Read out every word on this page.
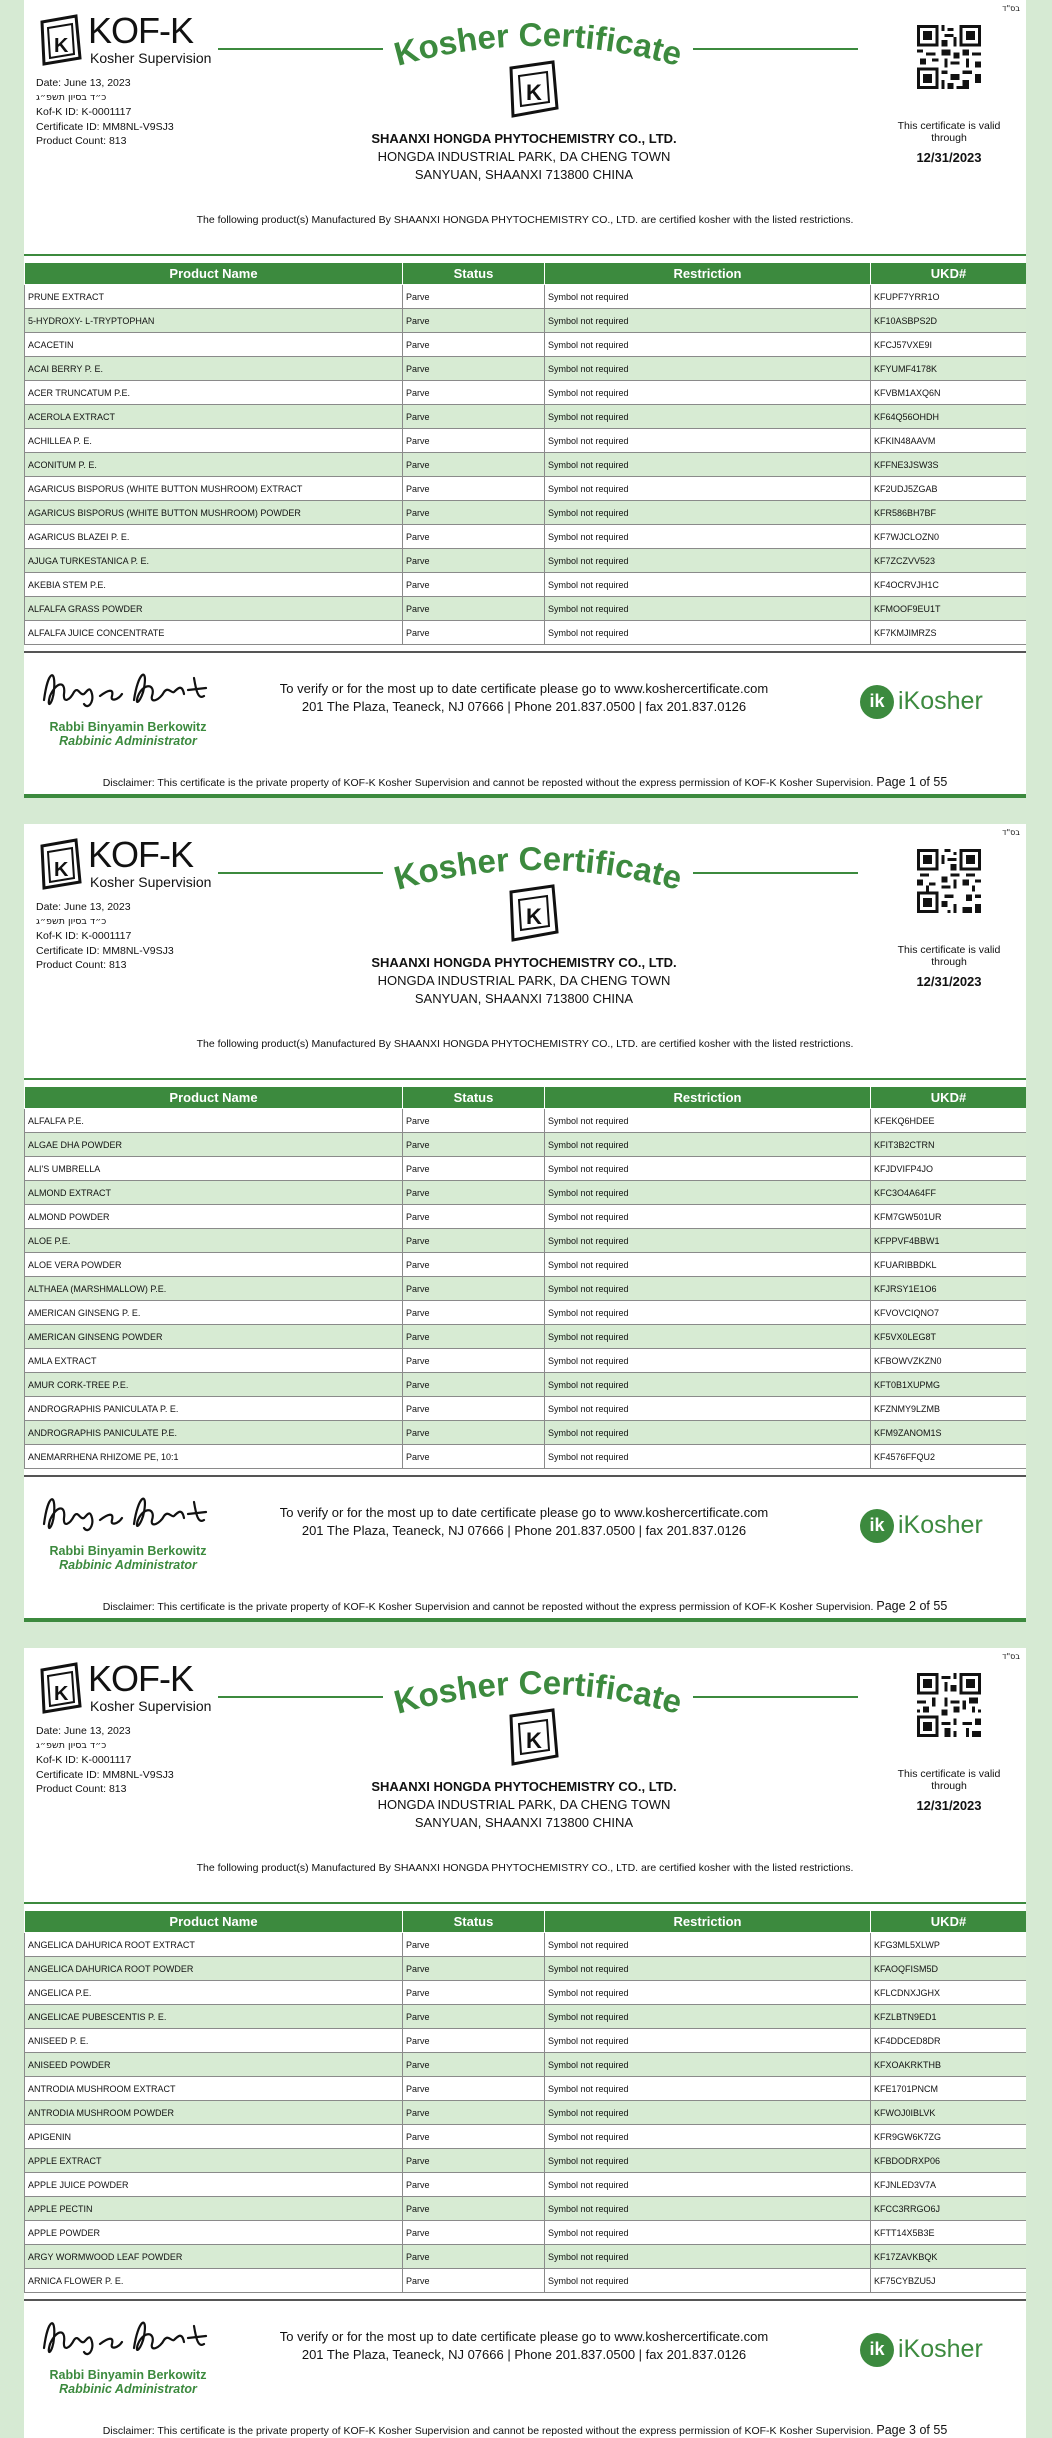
בס"ד
K KOF-K
Kosher Supervision
Date: June 13, 2023
כ״ד בסיון תשפ״ג
Kof-K ID: K-0001117
Certificate ID: MM8NL-V9SJ3
Product Count: 813
Kosher Certificate
K
SHAANXI HONGDA PHYTOCHEMISTRY CO., LTD.
HONGDA INDUSTRIAL PARK, DA CHENG TOWN
SANYUAN, SHAANXI 713800 CHINA
This certificate is valid through
12/31/2023
The following product(s) Manufactured By SHAANXI HONGDA PHYTOCHEMISTRY CO., LTD. are certified kosher with the listed restrictions.
Product Name	Status	Restriction	UKD#
PRUNE EXTRACT	Parve	Symbol not required	KFUPF7YRR1O
5-HYDROXY- L-TRYPTOPHAN	Parve	Symbol not required	KF10ASBPS2D
ACACETIN	Parve	Symbol not required	KFCJ57VXE9I
ACAI BERRY P. E.	Parve	Symbol not required	KFYUMF4178K
ACER TRUNCATUM P.E.	Parve	Symbol not required	KFVBM1AXQ6N
ACEROLA EXTRACT	Parve	Symbol not required	KF64Q56OHDH
ACHILLEA P. E.	Parve	Symbol not required	KFKIN48AAVM
ACONITUM P. E.	Parve	Symbol not required	KFFNE3JSW3S
AGARICUS BISPORUS (WHITE BUTTON MUSHROOM) EXTRACT	Parve	Symbol not required	KF2UDJ5ZGAB
AGARICUS BISPORUS (WHITE BUTTON MUSHROOM) POWDER	Parve	Symbol not required	KFR586BH7BF
AGARICUS BLAZEI P. E.	Parve	Symbol not required	KF7WJCLOZN0
AJUGA TURKESTANICA P. E.	Parve	Symbol not required	KF7ZCZVV523
AKEBIA STEM P.E.	Parve	Symbol not required	KF4OCRVJH1C
ALFALFA GRASS POWDER	Parve	Symbol not required	KFMOOF9EU1T
ALFALFA JUICE CONCENTRATE	Parve	Symbol not required	KF7KMJIMRZS
Binyamin Berkowitz
Rabbi Binyamin Berkowitz
Rabbinic Administrator
To verify or for the most up to date certificate please go to www.koshercertificate.com
201 The Plaza, Teaneck, NJ 07666 | Phone 201.837.0500 | fax 201.837.0126	ik iKosher
Disclaimer: This certificate is the private property of KOF-K Kosher Supervision and cannot be reposted without the express permission of KOF-K Kosher Supervision. Page 1 of 55
בס"ד
K KOF-K
Kosher Supervision
Date: June 13, 2023
כ״ד בסיון תשפ״ג
Kof-K ID: K-0001117
Certificate ID: MM8NL-V9SJ3
Product Count: 813
Kosher Certificate
K
SHAANXI HONGDA PHYTOCHEMISTRY CO., LTD.
HONGDA INDUSTRIAL PARK, DA CHENG TOWN
SANYUAN, SHAANXI 713800 CHINA
This certificate is valid through
12/31/2023
The following product(s) Manufactured By SHAANXI HONGDA PHYTOCHEMISTRY CO., LTD. are certified kosher with the listed restrictions.
Product Name	Status	Restriction	UKD#
ALFALFA P.E.	Parve	Symbol not required	KFEKQ6HDEE
ALGAE DHA POWDER	Parve	Symbol not required	KFIT3B2CTRN
ALI'S UMBRELLA	Parve	Symbol not required	KFJDVIFP4JO
ALMOND EXTRACT	Parve	Symbol not required	KFC3O4A64FF
ALMOND POWDER	Parve	Symbol not required	KFM7GW501UR
ALOE P.E.	Parve	Symbol not required	KFPPVF4BBW1
ALOE VERA POWDER	Parve	Symbol not required	KFUARIBBDKL
ALTHAEA (MARSHMALLOW) P.E.	Parve	Symbol not required	KFJRSY1E1O6
AMERICAN GINSENG P. E.	Parve	Symbol not required	KFVOVCIQNO7
AMERICAN GINSENG POWDER	Parve	Symbol not required	KF5VX0LEG8T
AMLA EXTRACT	Parve	Symbol not required	KFBOWVZKZN0
AMUR CORK-TREE P.E.	Parve	Symbol not required	KFT0B1XUPMG
ANDROGRAPHIS PANICULATA P. E.	Parve	Symbol not required	KFZNMY9LZMB
ANDROGRAPHIS PANICULATE P.E.	Parve	Symbol not required	KFM9ZANOM1S
ANEMARRHENA RHIZOME PE, 10:1	Parve	Symbol not required	KF4576FFQU2
Binyamin Berkowitz
Rabbi Binyamin Berkowitz
Rabbinic Administrator
To verify or for the most up to date certificate please go to www.koshercertificate.com
201 The Plaza, Teaneck, NJ 07666 | Phone 201.837.0500 | fax 201.837.0126	ik iKosher
Disclaimer: This certificate is the private property of KOF-K Kosher Supervision and cannot be reposted without the express permission of KOF-K Kosher Supervision. Page 2 of 55
בס"ד
K KOF-K
Kosher Supervision
Date: June 13, 2023
כ״ד בסיון תשפ״ג
Kof-K ID: K-0001117
Certificate ID: MM8NL-V9SJ3
Product Count: 813
Kosher Certificate
K
SHAANXI HONGDA PHYTOCHEMISTRY CO., LTD.
HONGDA INDUSTRIAL PARK, DA CHENG TOWN
SANYUAN, SHAANXI 713800 CHINA
This certificate is valid through
12/31/2023
The following product(s) Manufactured By SHAANXI HONGDA PHYTOCHEMISTRY CO., LTD. are certified kosher with the listed restrictions.
Product Name	Status	Restriction	UKD#
ANGELICA DAHURICA ROOT EXTRACT	Parve	Symbol not required	KFG3ML5XLWP
ANGELICA DAHURICA ROOT POWDER	Parve	Symbol not required	KFAOQFISM5D
ANGELICA P.E.	Parve	Symbol not required	KFLCDNXJGHX
ANGELICAE PUBESCENTIS P. E.	Parve	Symbol not required	KFZLBTN9ED1
ANISEED P. E.	Parve	Symbol not required	KF4DDCED8DR
ANISEED POWDER	Parve	Symbol not required	KFXOAKRKTHB
ANTRODIA MUSHROOM EXTRACT	Parve	Symbol not required	KFE1701PNCM
ANTRODIA MUSHROOM POWDER	Parve	Symbol not required	KFWOJ0IBLVK
APIGENIN	Parve	Symbol not required	KFR9GW6K7ZG
APPLE EXTRACT	Parve	Symbol not required	KFBDODRXP06
APPLE JUICE POWDER	Parve	Symbol not required	KFJNLED3V7A
APPLE PECTIN	Parve	Symbol not required	KFCC3RRGO6J
APPLE POWDER	Parve	Symbol not required	KFTT14X5B3E
ARGY WORMWOOD LEAF POWDER	Parve	Symbol not required	KF17ZAVKBQK
ARNICA FLOWER P. E.	Parve	Symbol not required	KF75CYBZU5J
Binyamin Berkowitz
Rabbi Binyamin Berkowitz
Rabbinic Administrator
To verify or for the most up to date certificate please go to www.koshercertificate.com
201 The Plaza, Teaneck, NJ 07666 | Phone 201.837.0500 | fax 201.837.0126	ik iKosher
Disclaimer: This certificate is the private property of KOF-K Kosher Supervision and cannot be reposted without the express permission of KOF-K Kosher Supervision. Page 3 of 55
